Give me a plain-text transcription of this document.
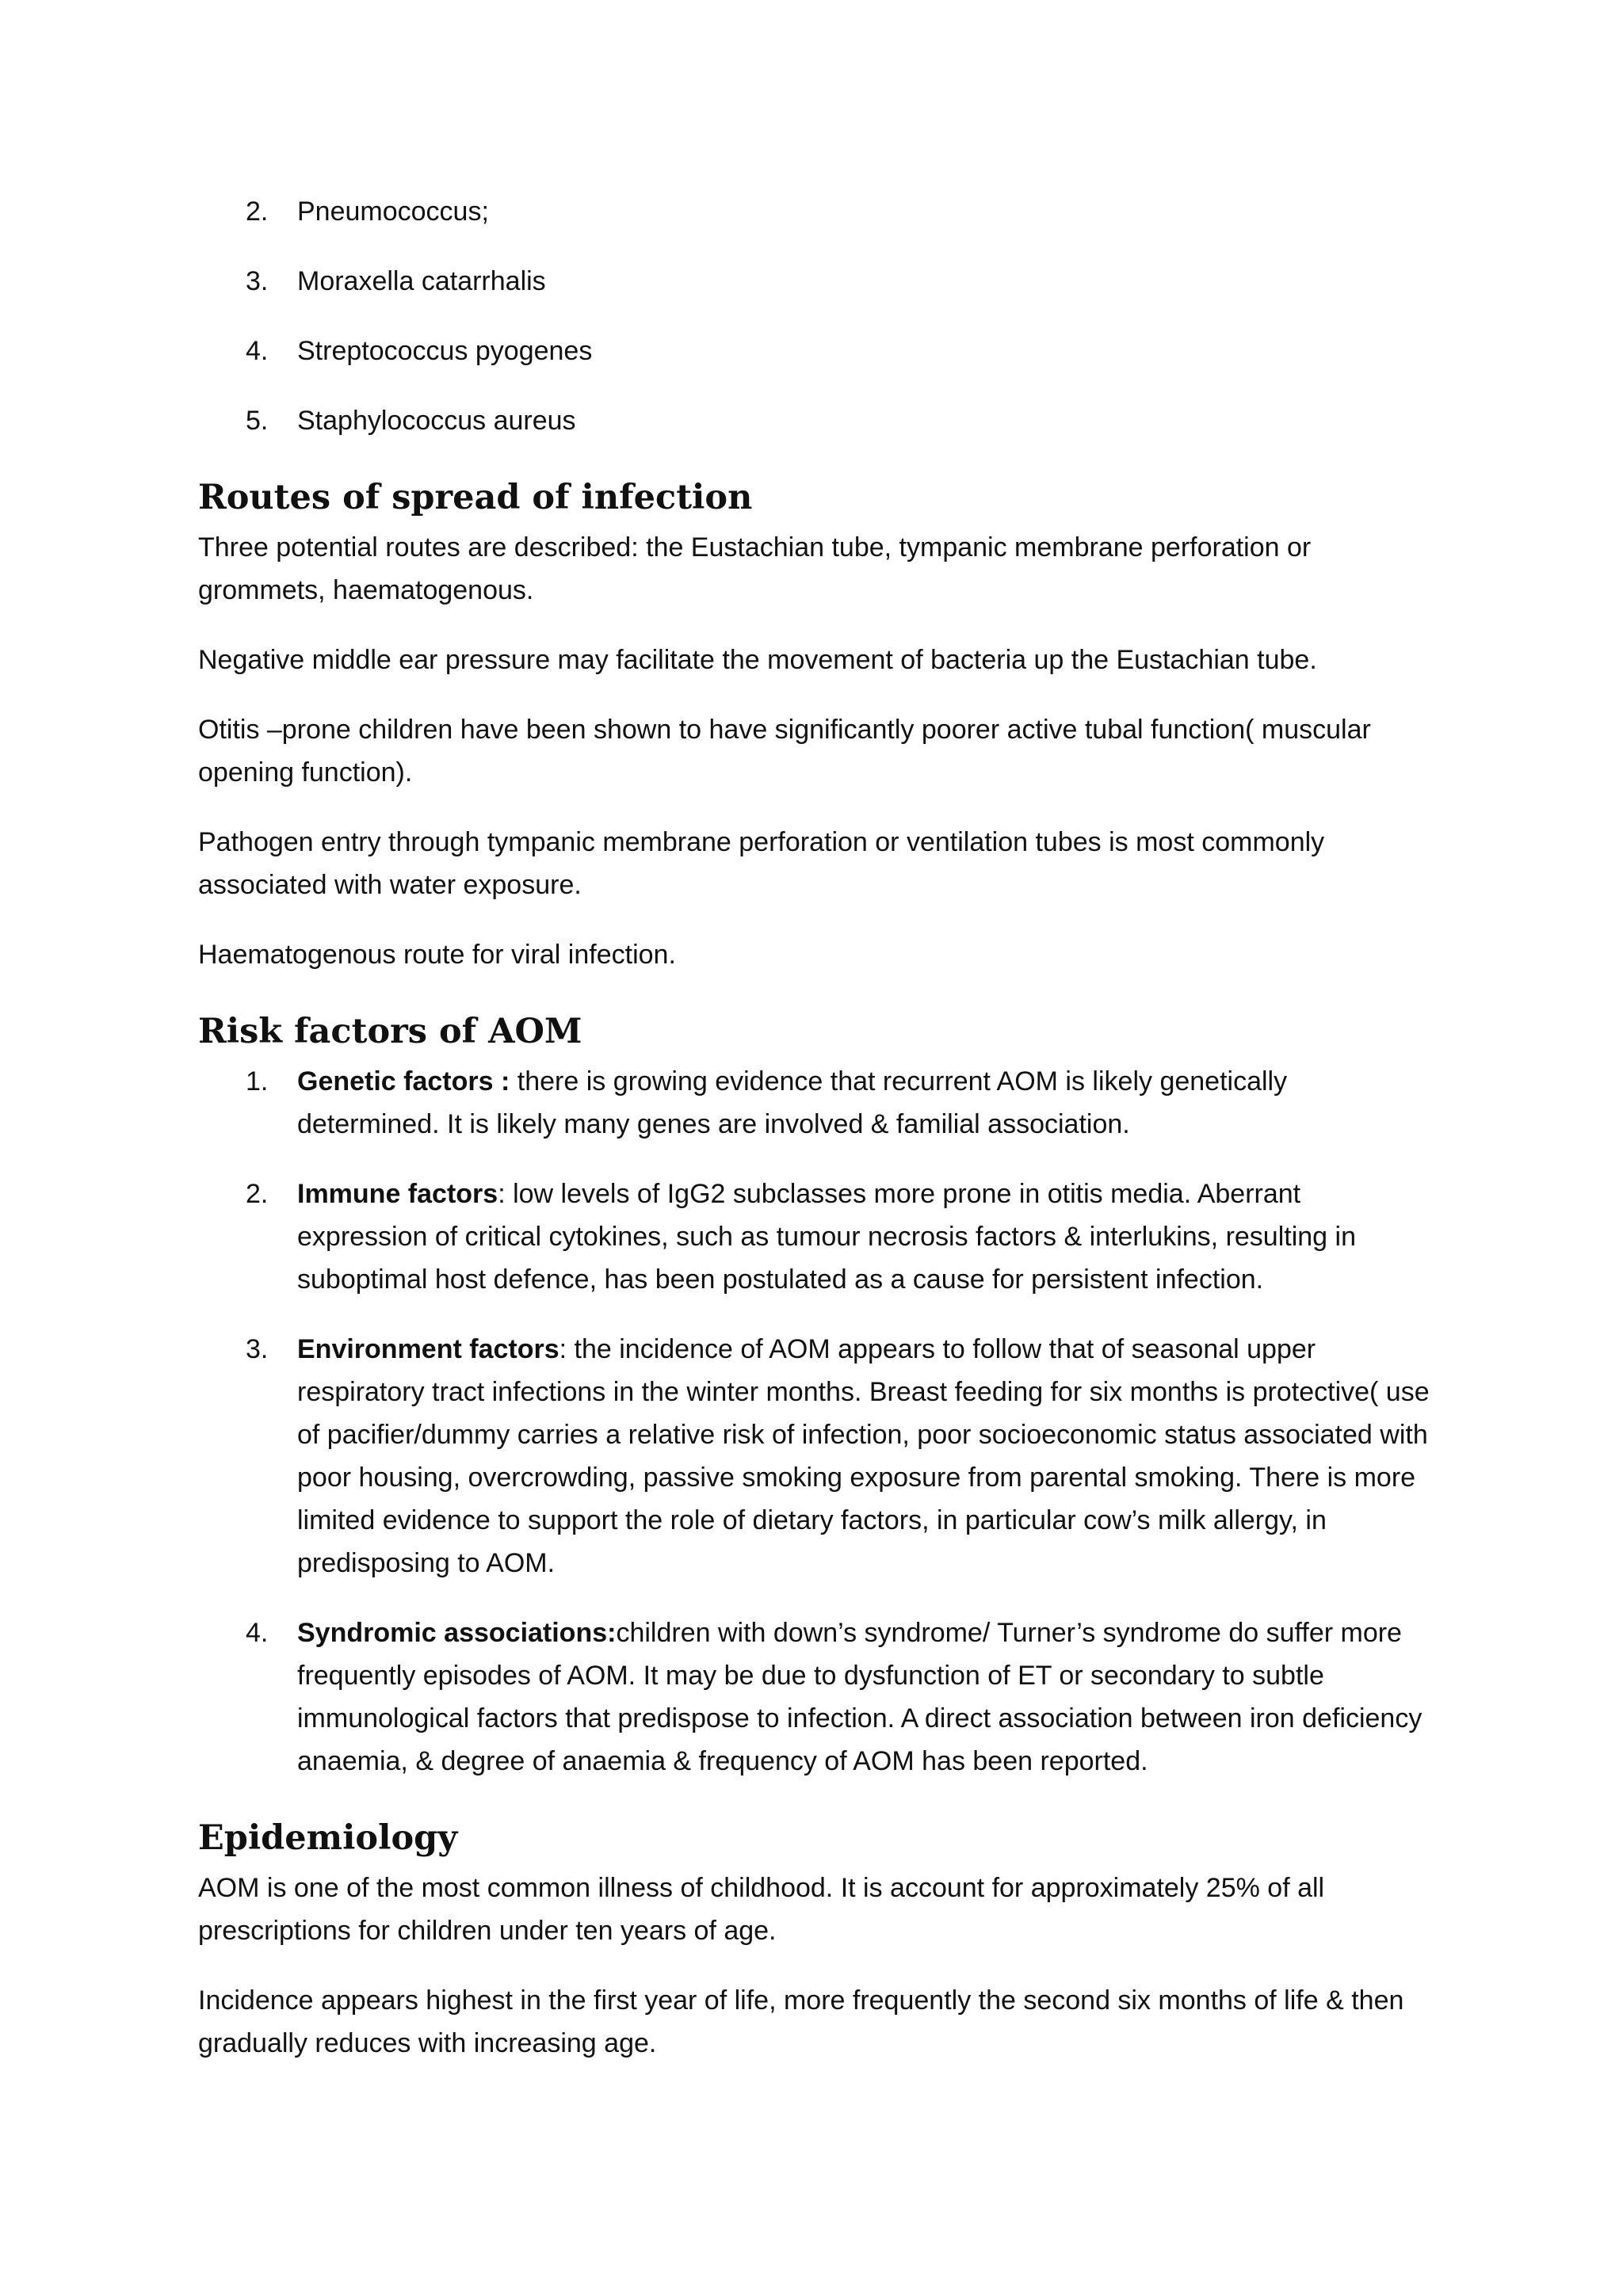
2.	Pneumococcus;
3.	Moraxella catarrhalis
4.	Streptococcus pyogenes
5.	Staphylococcus aureus
Routes of spread of infection

Three potential routes are described: the Eustachian tube, tympanic membrane perforation or grommets, haematogenous.

Negative middle ear pressure may facilitate the movement of bacteria up the Eustachian tube.

Otitis –prone children have been shown to have significantly poorer active tubal function( muscular opening function).

Pathogen entry through tympanic membrane perforation or ventilation tubes is most commonly associated with water exposure.

Haematogenous route for viral infection.

Risk factors of AOM
1.	Genetic factors : there is growing evidence that recurrent AOM is likely genetically determined. It is likely many genes are involved & familial association.
2.	Immune factors: low levels of IgG2 subclasses more prone in otitis media. Aberrant expression of critical cytokines, such as tumour necrosis factors & interlukins, resulting in suboptimal host defence, has been postulated as a cause for persistent infection.
3.	Environment factors: the incidence of AOM appears to follow that of seasonal upper respiratory tract infections in the winter months. Breast feeding for six months is protective( use of pacifier/dummy carries a relative risk of infection, poor socioeconomic status associated with poor housing, overcrowding, passive smoking exposure from parental smoking. There is more limited evidence to support the role of dietary factors, in particular cow’s milk allergy, in predisposing to AOM.
4.	Syndromic associations:children with down’s syndrome/ Turner’s syndrome do suffer more frequently episodes of AOM. It may be due to dysfunction of ET or secondary to subtle immunological factors that predispose to infection. A direct association between iron deficiency anaemia, & degree of anaemia & frequency of AOM has been reported.
Epidemiology

AOM is one of the most common illness of childhood. It is account for approximately 25% of all prescriptions for children under ten years of age.

Incidence appears highest in the first year of life, more frequently the second six months of life & then gradually reduces with increasing age.
